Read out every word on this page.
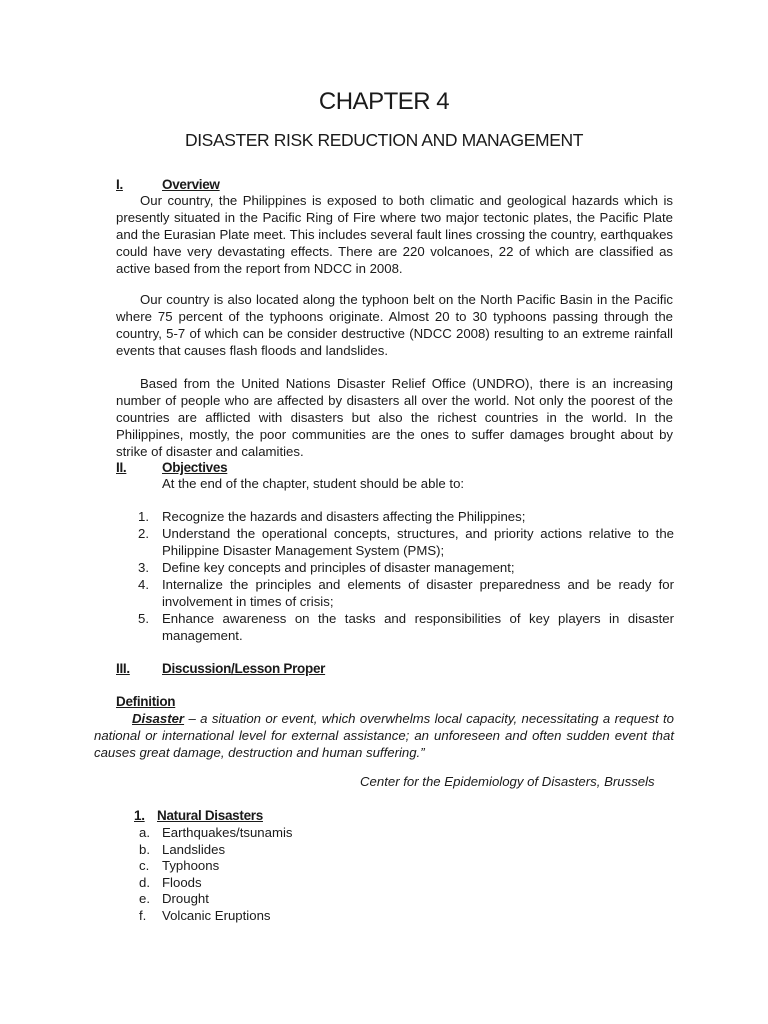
CHAPTER 4
DISASTER RISK REDUCTION AND MANAGEMENT
I.	Overview
Our country, the Philippines is exposed to both climatic and geological hazards which is presently situated in the Pacific Ring of Fire where two major tectonic plates, the Pacific Plate and the Eurasian Plate meet. This includes several fault lines crossing the country, earthquakes could have very devastating effects. There are 220 volcanoes, 22 of which are classified as active based from the report from NDCC in 2008.
Our country is also located along the typhoon belt on the North Pacific Basin in the Pacific where 75 percent of the typhoons originate. Almost 20 to 30 typhoons passing through the country, 5-7 of which can be consider destructive (NDCC 2008) resulting to an extreme rainfall events that causes flash floods and landslides.
Based from the United Nations Disaster Relief Office (UNDRO), there is an increasing number of people who are affected by disasters all over the world. Not only the poorest of the countries are afflicted with disasters but also the richest countries in the world. In the Philippines, mostly, the poor communities are the ones to suffer damages brought about by strike of disaster and calamities.
II.	Objectives
At the end of the chapter, student should be able to:
1. Recognize the hazards and disasters affecting the Philippines;
2. Understand the operational concepts, structures, and priority actions relative to the Philippine Disaster Management System (PMS);
3. Define key concepts and principles of disaster management;
4. Internalize the principles and elements of disaster preparedness and be ready for involvement in times of crisis;
5. Enhance awareness on the tasks and responsibilities of key players in disaster management.
III. Discussion/Lesson Proper
Definition
Disaster – a situation or event, which overwhelms local capacity, necessitating a request to national or international level for external assistance; an unforeseen and often sudden event that causes great damage, destruction and human suffering.”
Center for the Epidemiology of Disasters, Brussels
1. Natural Disasters
a. Earthquakes/tsunamis
b. Landslides
c. Typhoons
d. Floods
e. Drought
f. Volcanic Eruptions
